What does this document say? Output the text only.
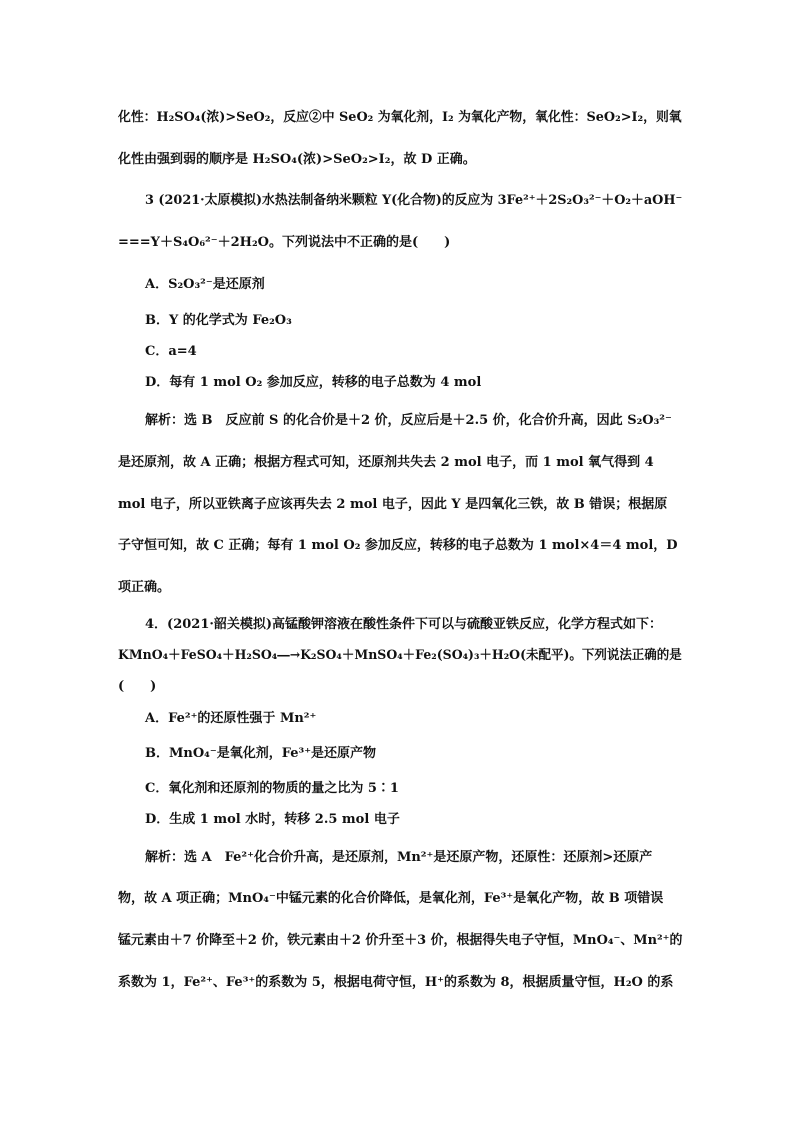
化性：H₂SO₄(浓)>SeO₂，反应②中 SeO₂ 为氧化剂，I₂ 为氧化产物，氧化性：SeO₂>I₂，则氧
化性由强到弱的顺序是 H₂SO₄(浓)>SeO₂>I₂，故 D 正确。
3 (2021·太原模拟)水热法制备纳米颗粒 Y(化合物)的反应为 3Fe²⁺＋2S₂O₃²⁻＋O₂＋aOH⁻
===Y＋S₄O₆²⁻＋2H₂O。下列说法中不正确的是(　　)
A．S₂O₃²⁻是还原剂
B．Y 的化学式为 Fe₂O₃
C．a=4
D．每有 1 mol O₂ 参加反应，转移的电子总数为 4 mol
解析：选 B　反应前 S 的化合价是＋2 价，反应后是＋2.5 价，化合价升高，因此 S₂O₃²⁻
是还原剂，故 A 正确；根据方程式可知，还原剂共失去 2 mol 电子，而 1 mol 氧气得到 4
mol 电子，所以亚铁离子应该再失去 2 mol 电子，因此 Y 是四氧化三铁，故 B 错误；根据原
子守恒可知，故 C 正确；每有 1 mol O₂ 参加反应，转移的电子总数为 1 mol×4＝4 mol，D
项正确。
4．(2021·韶关模拟)高锰酸钾溶液在酸性条件下可以与硫酸亚铁反应，化学方程式如下：
KMnO₄＋FeSO₄＋H₂SO₄―→K₂SO₄＋MnSO₄＋Fe₂(SO₄)₃＋H₂O(未配平)。下列说法正确的是
(　　)
A．Fe²⁺的还原性强于 Mn²⁺
B．MnO₄⁻是氧化剂，Fe³⁺是还原产物
C．氧化剂和还原剂的物质的量之比为 5∶1
D．生成 1 mol 水时，转移 2.5 mol 电子
解析：选 A　Fe²⁺化合价升高，是还原剂，Mn²⁺是还原产物，还原性：还原剂>还原产
物，故 A 项正确；MnO₄⁻中锰元素的化合价降低，是氧化剂，Fe³⁺是氧化产物，故 B 项错误
锰元素由＋7 价降至＋2 价，铁元素由＋2 价升至＋3 价，根据得失电子守恒，MnO₄⁻、Mn²⁺的
系数为 1，Fe²⁺、Fe³⁺的系数为 5，根据电荷守恒，H⁺的系数为 8，根据质量守恒，H₂O 的系
